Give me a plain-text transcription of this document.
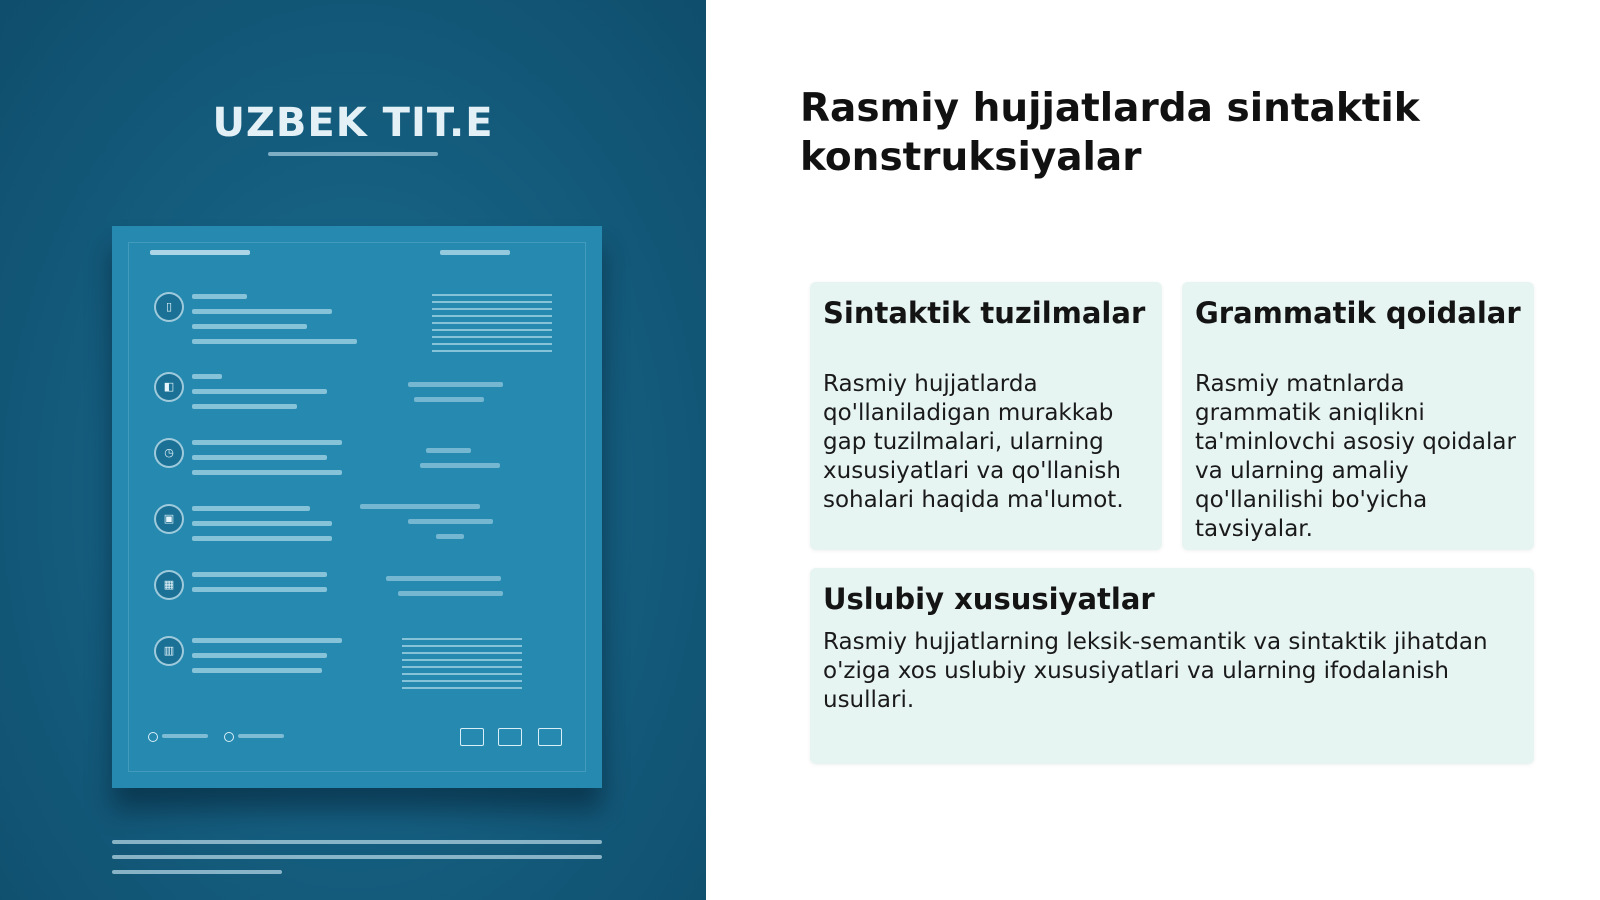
UZBEK TIT.E
▯
◧
◷
▣
▦
▥
Rasmiy hujjatlarda sintaktik konstruksiyalar
Sintaktik tuzilmalar
Rasmiy hujjatlarda qo'llaniladigan murakkab gap tuzilmalari, ularning xususiyatlari va qo'llanish sohalari haqida ma'lumot.
Grammatik qoidalar
Rasmiy matnlarda grammatik aniqlikni ta'minlovchi asosiy qoidalar va ularning amaliy qo'llanilishi bo'yicha tavsiyalar.
Uslubiy xususiyatlar
Rasmiy hujjatlarning leksik-semantik va sintaktik jihatdan o'ziga xos uslubiy xususiyatlari va ularning ifodalanish usullari.
